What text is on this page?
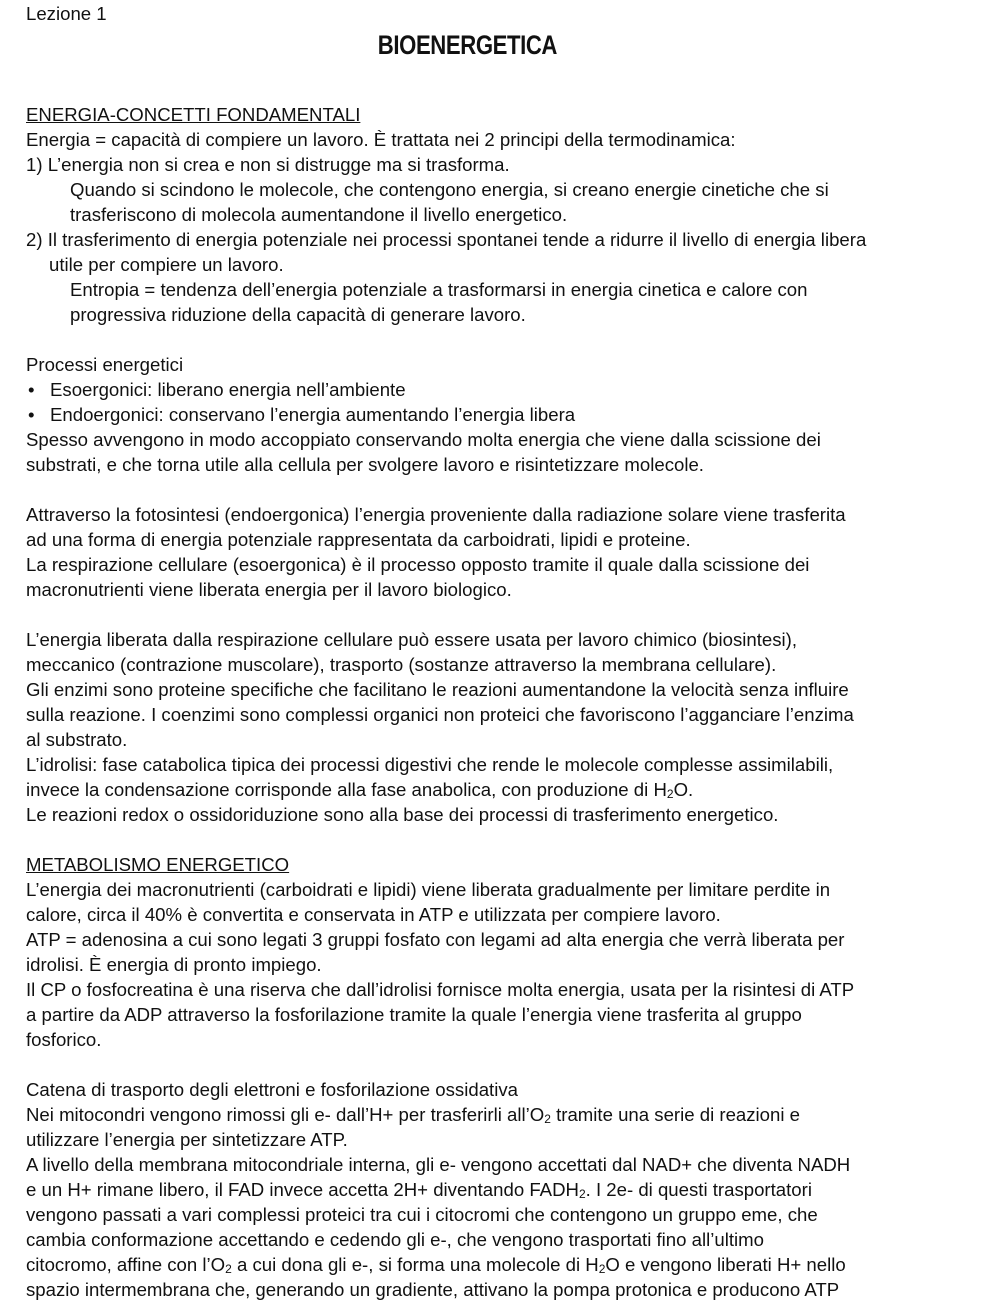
Lezione 1
BIOENERGETICA
ENERGIA-CONCETTI FONDAMENTALI
Energia = capacità di compiere un lavoro. È trattata nei 2 principi della termodinamica:
1) L’energia non si crea e non si distrugge ma si trasforma.
Quando si scindono le molecole, che contengono energia, si creano energie cinetiche che si
trasferiscono di molecola aumentandone il livello energetico.
2) Il trasferimento di energia potenziale nei processi spontanei tende a ridurre il livello di energia libera
utile per compiere un lavoro.
Entropia = tendenza dell’energia potenziale a trasformarsi in energia cinetica e calore con
progressiva riduzione della capacità di generare lavoro.
Processi energetici
• Esoergonici: liberano energia nell’ambiente
• Endoergonici: conservano l’energia aumentando l’energia libera
Spesso avvengono in modo accoppiato conservando molta energia che viene dalla scissione dei
substrati, e che torna utile alla cellula per svolgere lavoro e risintetizzare molecole.
Attraverso la fotosintesi (endoergonica) l’energia proveniente dalla radiazione solare viene trasferita
ad una forma di energia potenziale rappresentata da carboidrati, lipidi e proteine.
La respirazione cellulare (esoergonica) è il processo opposto tramite il quale dalla scissione dei
macronutrienti viene liberata energia per il lavoro biologico.
L’energia liberata dalla respirazione cellulare può essere usata per lavoro chimico (biosintesi),
meccanico (contrazione muscolare), trasporto (sostanze attraverso la membrana cellulare).
Gli enzimi sono proteine specifiche che facilitano le reazioni aumentandone la velocità senza influire
sulla reazione. I coenzimi sono complessi organici non proteici che favoriscono l’agganciare l’enzima
al substrato.
L’idrolisi: fase catabolica tipica dei processi digestivi che rende le molecole complesse assimilabili,
invece la condensazione corrisponde alla fase anabolica, con produzione di $H_2O$.
Le reazioni redox o ossidoriduzione sono alla base dei processi di trasferimento energetico.
METABOLISMO ENERGETICO
L’energia dei macronutrienti (carboidrati e lipidi) viene liberata gradualmente per limitare perdite in
calore, circa il 40% è convertita e conservata in ATP e utilizzata per compiere lavoro.
ATP = adenosina a cui sono legati 3 gruppi fosfato con legami ad alta energia che verrà liberata per
idrolisi. È energia di pronto impiego.
Il CP o fosfocreatina è una riserva che dall’idrolisi fornisce molta energia, usata per la risintesi di ATP
a partire da ADP attraverso la fosforilazione tramite la quale l’energia viene trasferita al gruppo
fosforico.
Catena di trasporto degli elettroni e fosforilazione ossidativa
Nei mitocondri vengono rimossi gli e- dall’H+ per trasferirli $all’O_2$ tramite una serie di reazioni e
utilizzare l’energia per sintetizzare ATP.
A livello della membrana mitocondriale interna, gli e- vengono accettati dal NAD+ che diventa NADH
e un H+ rimane libero, il FAD invece accetta 2H+ diventando $FADH_2$. I 2e- di questi trasportatori
vengono passati a vari complessi proteici tra cui i citocromi che contengono un gruppo eme, che
cambia conformazione accettando e cedendo gli e-, che vengono trasportati fino all’ultimo
citocromo, affine con $l’O_2$ a cui dona gli e-, si forma una molecole di $H_2O$ e vengono liberati H+ nello
spazio intermembrana che, generando un gradiente, attivano la pompa protonica e producono ATP
